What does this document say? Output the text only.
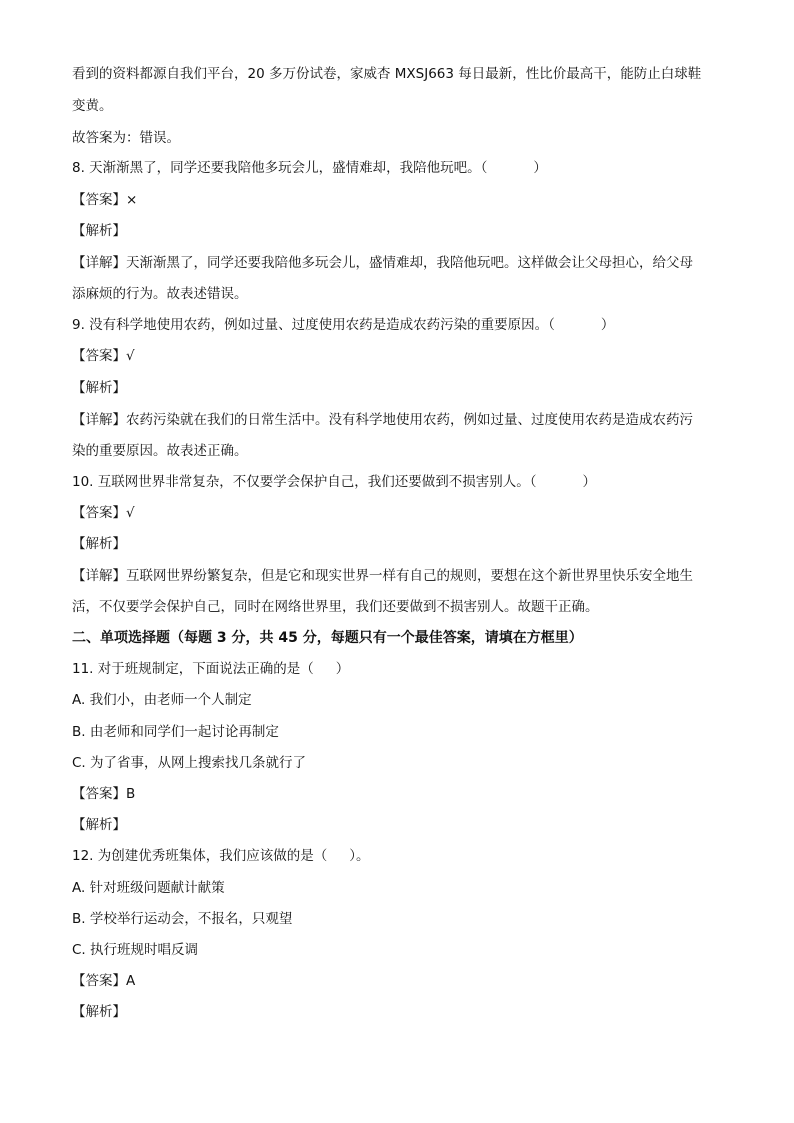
看到的资料都源自我们平台，20 多万份试卷，家威杏 MXSJ663 每日最新，性比价最高干，能防止白球鞋
变黄。
故答案为：错误。
8. 天渐渐黑了，同学还要我陪他多玩会儿，盛情难却，我陪他玩吧。（	）
【答案】×
【解析】
【详解】天渐渐黑了，同学还要我陪他多玩会儿，盛情难却，我陪他玩吧。这样做会让父母担心，给父母
添麻烦的行为。故表述错误。
9. 没有科学地使用农药，例如过量、过度使用农药是造成农药污染的重要原因。（	）
【答案】√
【解析】
【详解】农药污染就在我们的日常生活中。没有科学地使用农药，例如过量、过度使用农药是造成农药污
染的重要原因。故表述正确。
10. 互联网世界非常复杂，不仅要学会保护自己，我们还要做到不损害别人。（	）
【答案】√
【解析】
【详解】互联网世界纷繁复杂，但是它和现实世界一样有自己的规则，要想在这个新世界里快乐安全地生
活，不仅要学会保护自己，同时在网络世界里，我们还要做到不损害别人。故题干正确。
二、单项选择题（每题 3 分，共 45 分，每题只有一个最佳答案，请填在方框里）
11. 对于班规制定，下面说法正确的是（ ）
A. 我们小，由老师一个人制定
B. 由老师和同学们一起讨论再制定
C. 为了省事，从网上搜索找几条就行了
【答案】B
【解析】
12. 为创建优秀班集体，我们应该做的是（ ）。
A. 针对班级问题献计献策
B. 学校举行运动会，不报名，只观望
C. 执行班规时唱反调
【答案】A
【解析】
